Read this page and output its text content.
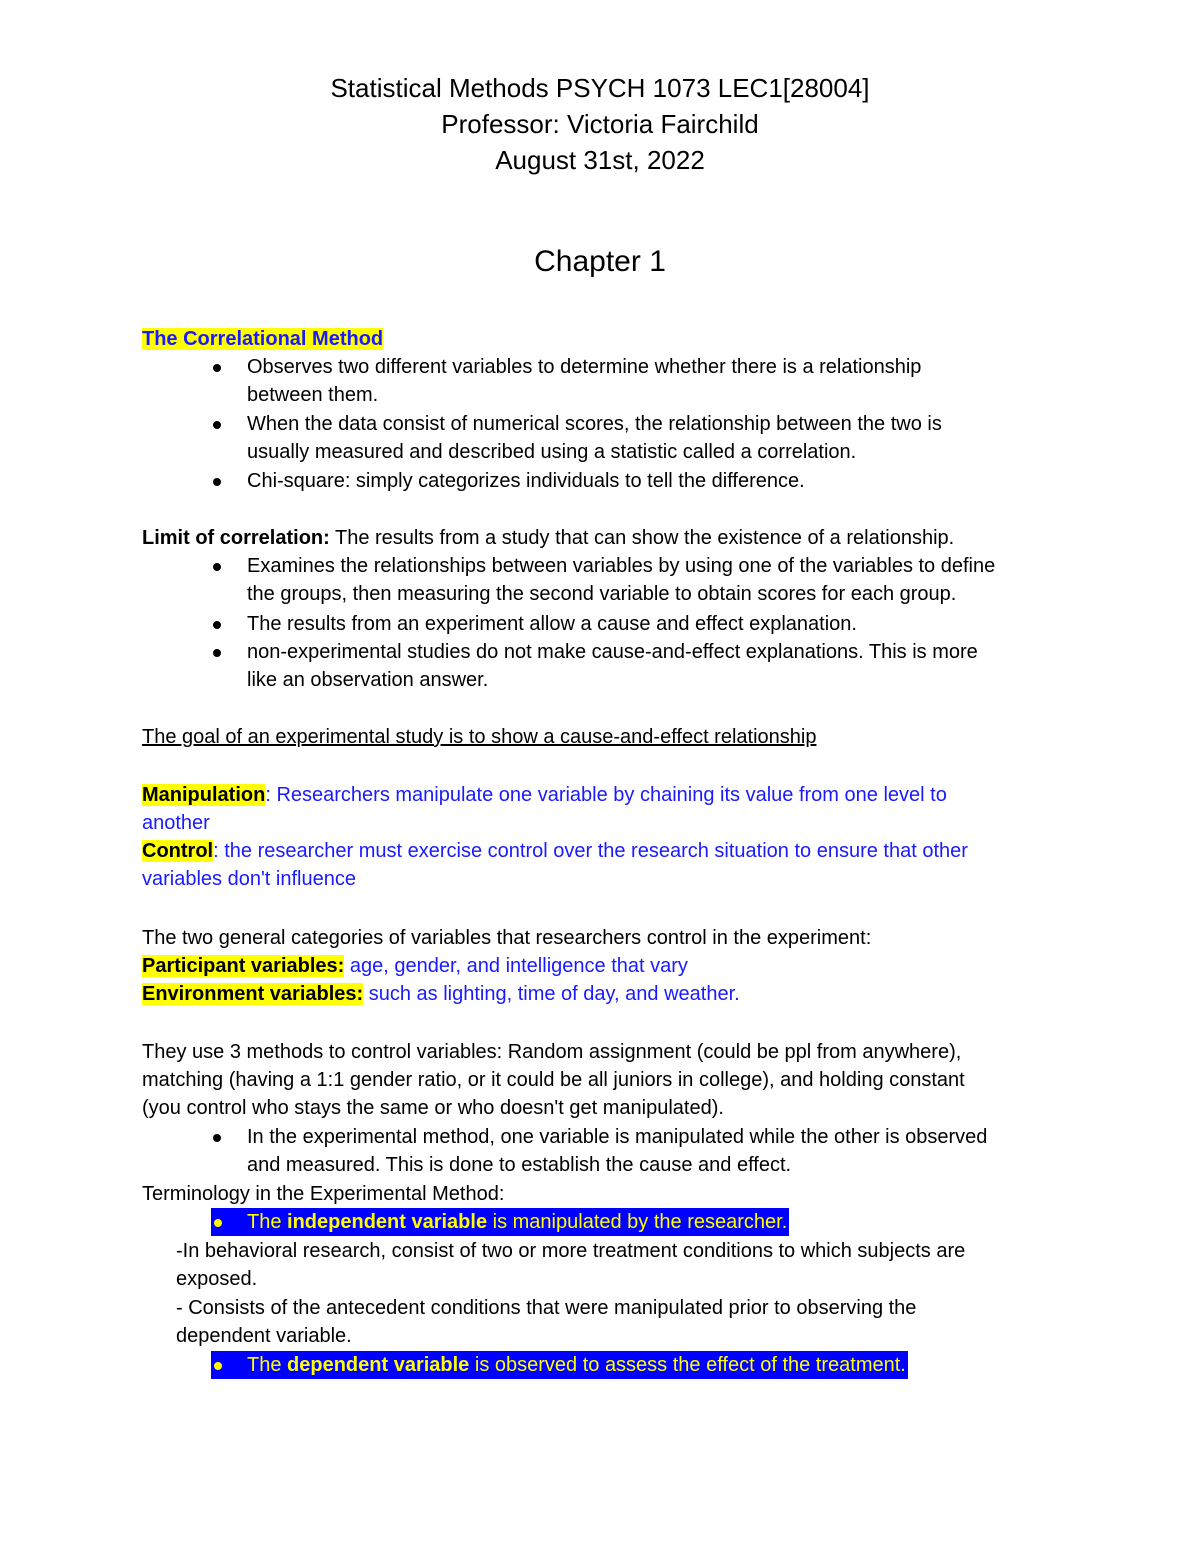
Statistical Methods PSYCH 1073 LEC1[28004]
Professor: Victoria Fairchild
August 31st, 2022
Chapter 1
The Correlational Method
Observes two different variables to determine whether there is a relationship
between them.
When the data consist of numerical scores, the relationship between the two is
usually measured and described using a statistic called a correlation.
Chi-square: simply categorizes individuals to tell the difference.
Limit of correlation: The results from a study that can show the existence of a relationship.
Examines the relationships between variables by using one of the variables to define
the groups, then measuring the second variable to obtain scores for each group.
The results from an experiment allow a cause and effect explanation.
non-experimental studies do not make cause-and-effect explanations. This is more
like an observation answer.
The goal of an experimental study is to show a cause-and-effect relationship
Manipulation: Researchers manipulate one variable by chaining its value from one level to
another
Control: the researcher must exercise control over the research situation to ensure that other
variables don't influence
The two general categories of variables that researchers control in the experiment:
Participant variables: age, gender, and intelligence that vary
Environment variables: such as lighting, time of day, and weather.
They use 3 methods to control variables: Random assignment (could be ppl from anywhere),
matching (having a 1:1 gender ratio, or it could be all juniors in college), and holding constant
(you control who stays the same or who doesn't get manipulated).
In the experimental method, one variable is manipulated while the other is observed
and measured. This is done to establish the cause and effect.
Terminology in the Experimental Method:
The independent variable is manipulated by the researcher.
-In behavioral research, consist of two or more treatment conditions to which subjects are
exposed.
- Consists of the antecedent conditions that were manipulated prior to observing the
dependent variable.
The dependent variable is observed to assess the effect of the treatment.
